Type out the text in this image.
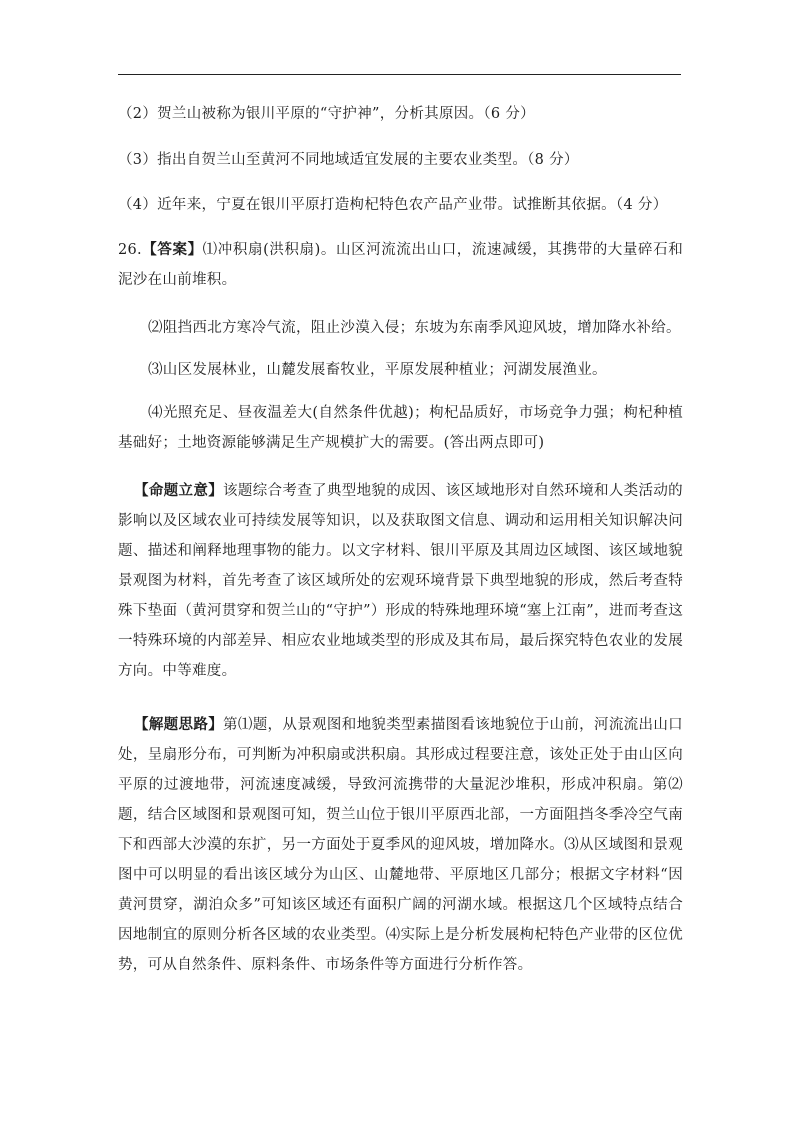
（2）贺兰山被称为银川平原的“守护神”，分析其原因。（6 分）

（3）指出自贺兰山至黄河不同地域适宜发展的主要农业类型。（8 分）

（4）近年来，宁夏在银川平原打造枸杞特色农产品产业带。试推断其依据。（4 分）

26.【答案】⑴冲积扇(洪积扇)。山区河流流出山口，流速减缓，其携带的大量碎石和泥沙在山前堆积。

⑵阻挡西北方寒冷气流，阻止沙漠入侵；东坡为东南季风迎风坡，增加降水补给。

⑶山区发展林业，山麓发展畜牧业，平原发展种植业；河湖发展渔业。

⑷光照充足、昼夜温差大(自然条件优越)；枸杞品质好，市场竞争力强；枸杞种植基础好；土地资源能够满足生产规模扩大的需要。(答出两点即可)

【命题立意】该题综合考查了典型地貌的成因、该区域地形对自然环境和人类活动的影响以及区域农业可持续发展等知识，以及获取图文信息、调动和运用相关知识解决问题、描述和阐释地理事物的能力。以文字材料、银川平原及其周边区域图、该区域地貌景观图为材料，首先考查了该区域所处的宏观环境背景下典型地貌的形成，然后考查特殊下垫面（黄河贯穿和贺兰山的“守护”）形成的特殊地理环境“塞上江南”，进而考查这一特殊环境的内部差异、相应农业地域类型的形成及其布局，最后探究特色农业的发展方向。中等难度。

【解题思路】第⑴题，从景观图和地貌类型素描图看该地貌位于山前，河流流出山口处，呈扇形分布，可判断为冲积扇或洪积扇。其形成过程要注意，该处正处于由山区向平原的过渡地带，河流速度减缓，导致河流携带的大量泥沙堆积，形成冲积扇。第⑵题，结合区域图和景观图可知，贺兰山位于银川平原西北部，一方面阻挡冬季冷空气南下和西部大沙漠的东扩，另一方面处于夏季风的迎风坡，增加降水。⑶从区域图和景观图中可以明显的看出该区域分为山区、山麓地带、平原地区几部分；根据文字材料“因黄河贯穿，湖泊众多”可知该区域还有面积广阔的河湖水域。根据这几个区域特点结合因地制宜的原则分析各区域的农业类型。⑷实际上是分析发展枸杞特色产业带的区位优势，可从自然条件、原料条件、市场条件等方面进行分析作答。
